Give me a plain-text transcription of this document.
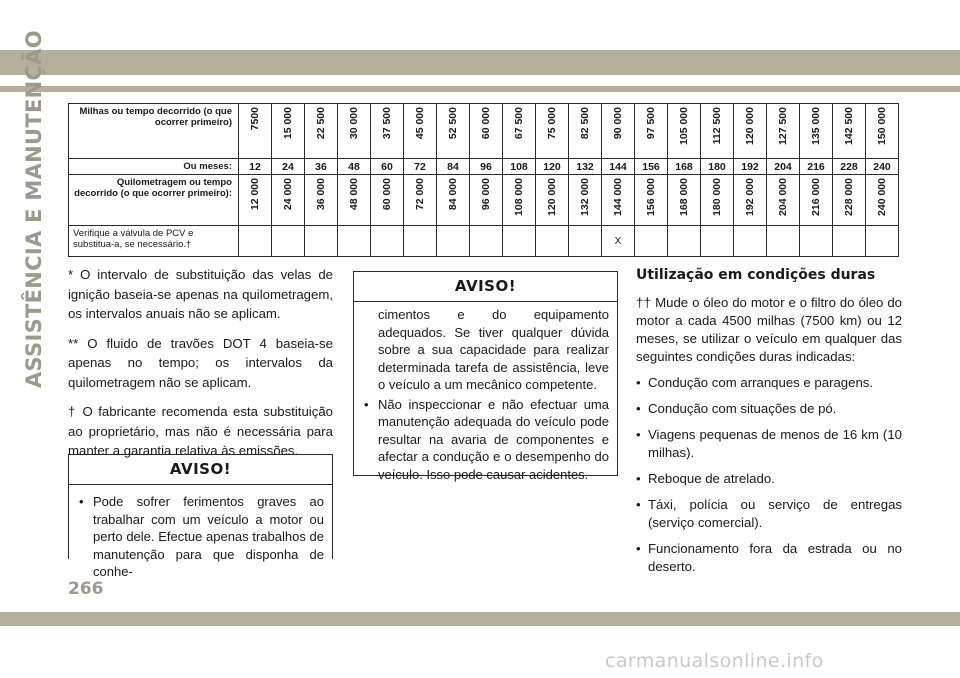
ASSISTÊNCIA E MANUTENÇÃO	Milhas ou tempo decorrido (o que ocorrer primeiro)	7500	15 000	22 500	30 000	37 500	45 000	52 500	60 000	67 500	75 000	82 500	90 000	97 500	105 000	112 500	120 000	127 500	135 000	142 500	150 000

Ou meses:	12	24	36	48	60	72	84	96	108	120	132	144	156	168	180	192	204	216	228	240
Quilometragem ou tempo decorrido (o que ocorrer primeiro):	12 000	24 000	36 000	48 000	60 000	72 000	84 000	96 000	108 000	120 000	132 000	144 000	156 000	168 000	180 000	192 000	204 000	216 000	228 000	240 000

Verifique a válvula de PCV e substitua-a, se necessário.†												X								

* O intervalo de substituição das velas de ignição baseia-se apenas na quilometragem, os intervalos anuais não se aplicam.

** O fluido de travões DOT 4 baseia-se apenas no tempo; os intervalos da quilometragem não se aplicam.

† O fabricante recomenda esta substituição ao proprietário, mas não é necessária para manter a garantia relativa às emissões.

AVISO!
• Pode sofrer ferimentos graves ao trabalhar com um veículo a motor ou perto dele. Efectue apenas trabalhos de manutenção para que disponha de conhe-
AVISO!
cimentos e do equipamento adequados. Se tiver qualquer dúvida sobre a sua capacidade para realizar determinada tarefa de assistência, leve o veículo a um mecânico competente.
• Não inspeccionar e não efectuar uma manutenção adequada do veículo pode resultar na avaria de componentes e afectar a condução e o desempenho do veículo. Isso pode causar acidentes.
Utilização em condições duras

†† Mude o óleo do motor e o filtro do óleo do motor a cada 4500 milhas (7500 km) ou 12 meses, se utilizar o veículo em qualquer das seguintes condições duras indicadas:

• Condução com arranques e paragens.
• Condução com situações de pó.
• Viagens pequenas de menos de 16 km (10 milhas).
• Reboque de atrelado.
• Táxi, polícia ou serviço de entregas (serviço comercial).
• Funcionamento fora da estrada ou no deserto.
266
carmanualsonline.info
